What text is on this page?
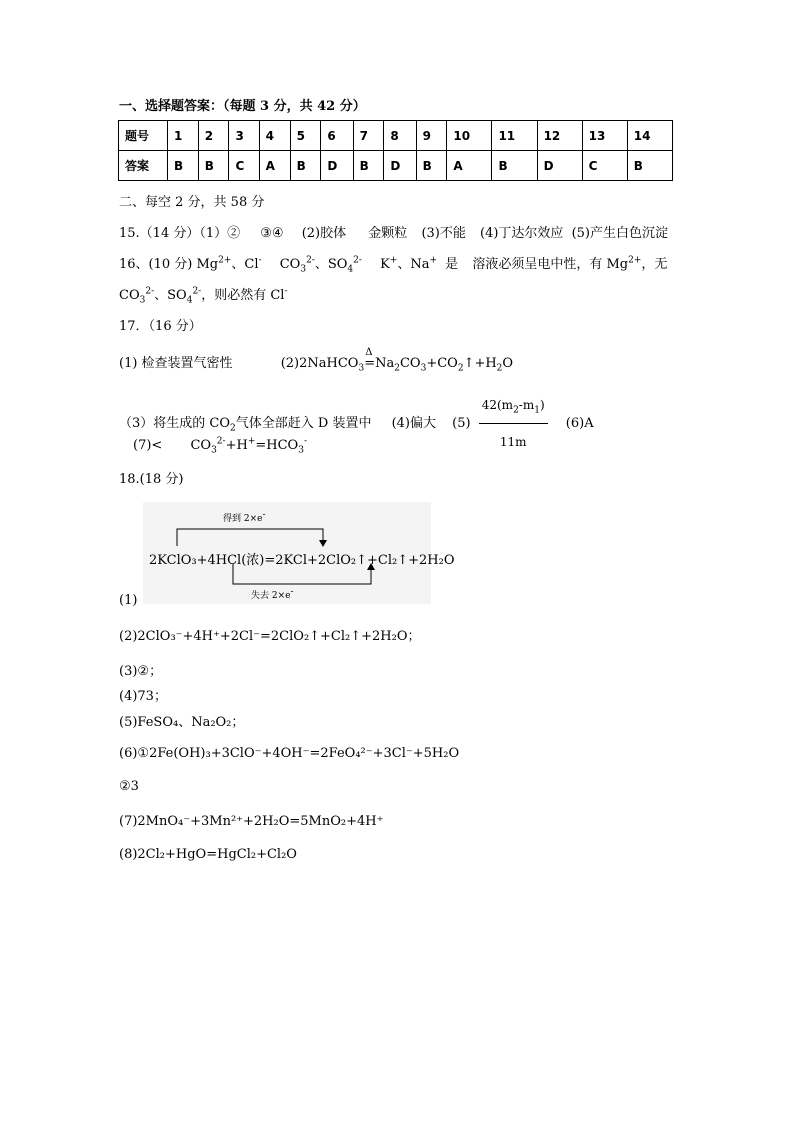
一、选择题答案：（每题 3 分，共 42 分）
题号	1	2	3	4	5	6	7	8	9	10	11	12	13	14
答案	B	B	C	A	B	D	B	D	B	A	B	D	C	B
二、每空 2 分，共 58 分
15.（14 分）（1）② ③④ (2)胶体 金颗粒 (3)不能 (4)丁达尔效应 (5)产生白色沉淀
16、(10 分) $Mg^{2+}$、Cl- $CO_3^{2-}$、$SO_4^{2-}$ K+、Na+ 是 溶液必须呈电中性，有 $Mg^{2+}$，无
$CO_3^{2-}$、$SO_4^{2-}$，则必然有 Cl-
17．（16 分）
(1) 检查装置气密性	(2)2NaHCO$_3$
Δ
$=Na_2CO_3+CO_2↑+H_2O$
（3）将生成的 $CO_2$气体全部赶入 D 装置中 (4)偏大 $(5) \frac{42(m_2-m_1)}{11m} (6)A$
$(7)< CO_3^{2-}+H^+=HCO_3^-$
18.(18 分)
得到 2×e-
2KClO₃+4HCl(浓)=2KCl+2ClO₂↑+Cl₂↑+2H₂O
失去 2×e-
(1)
(2)2ClO₃⁻+4H⁺+2Cl⁻=2ClO₂↑+Cl₂↑+2H₂O；
(3)②；
(4)73；
(5)FeSO₄、Na₂O₂；
(6)①2Fe(OH)₃+3ClO⁻+4OH⁻=2FeO₄²⁻+3Cl⁻+5H₂O
②3
(7)2MnO₄⁻+3Mn²⁺+2H₂O=5MnO₂+4H⁺
(8)2Cl₂+HgO=HgCl₂+Cl₂O
